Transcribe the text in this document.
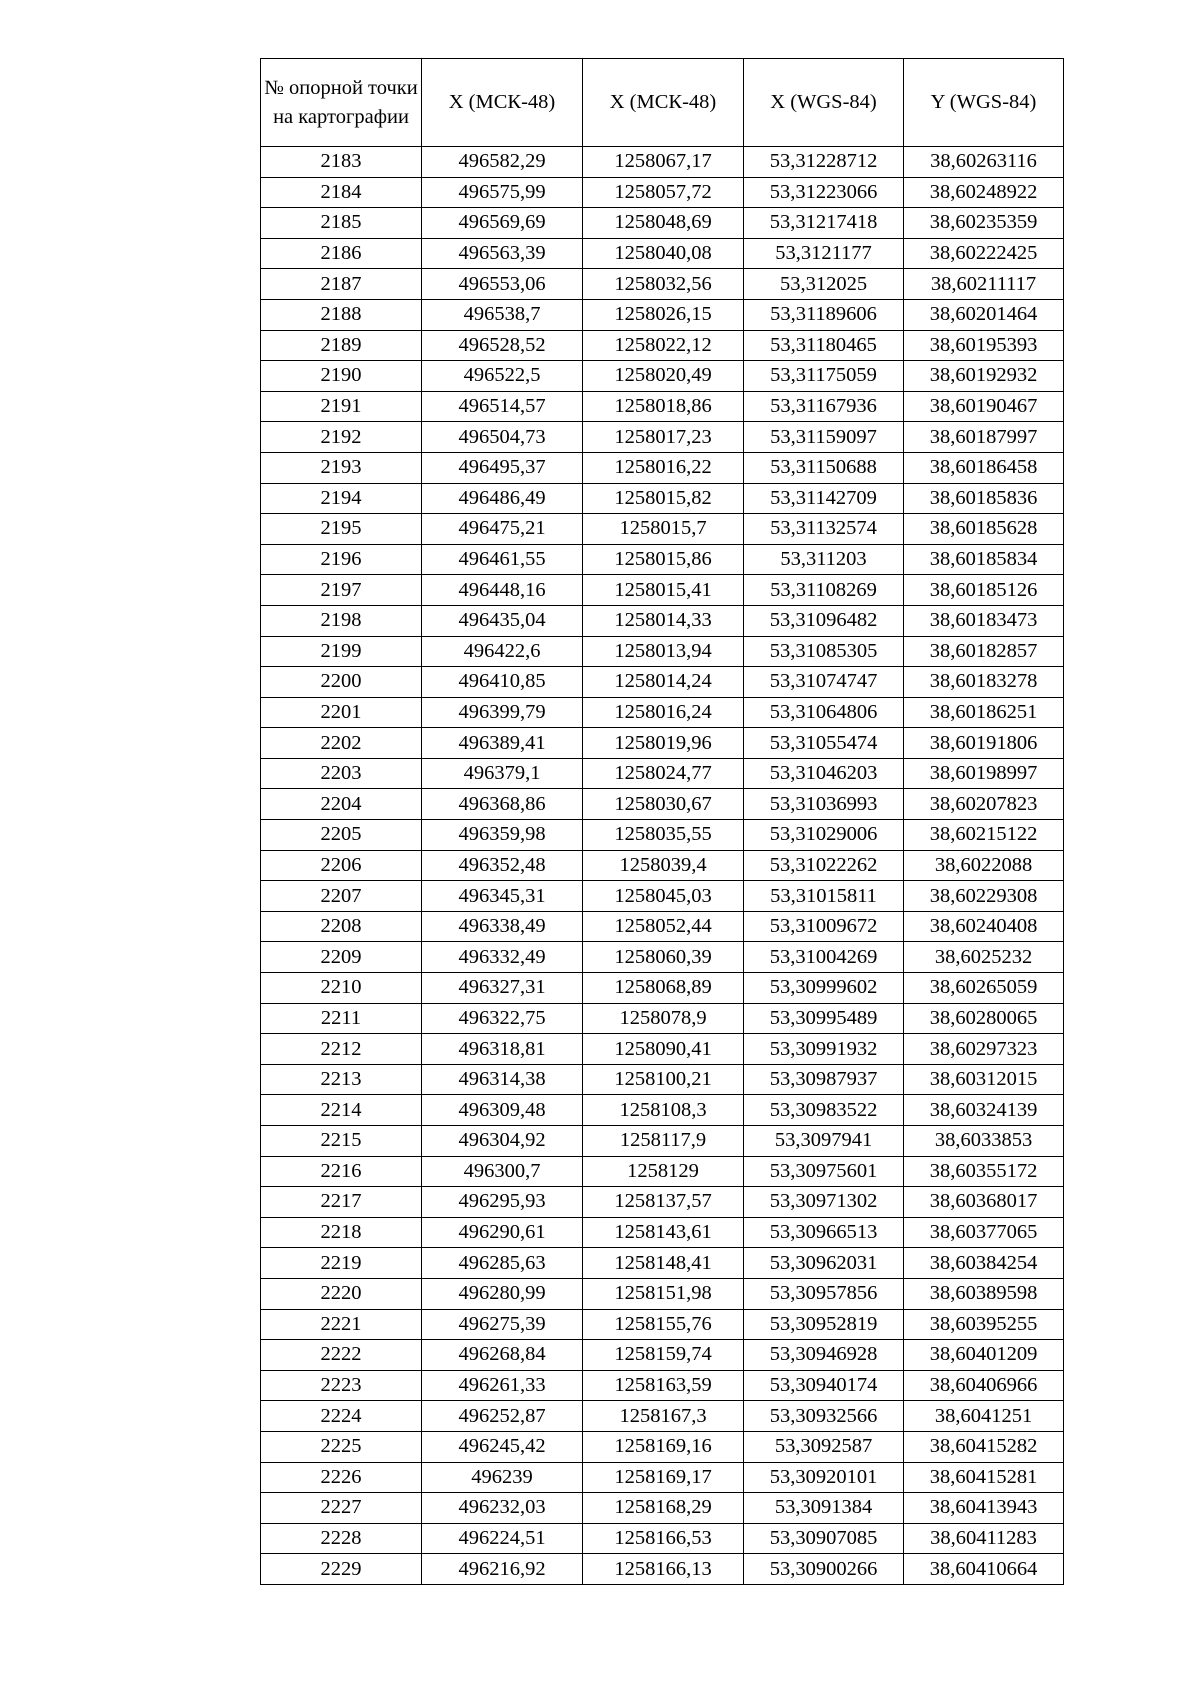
№ опорной точки на картографии	X (МСК-48)	X (МСК-48)	X (WGS-84)	Y (WGS-84)
2183	496582,29	1258067,17	53,31228712	38,60263116
2184	496575,99	1258057,72	53,31223066	38,60248922
2185	496569,69	1258048,69	53,31217418	38,60235359
2186	496563,39	1258040,08	53,3121177	38,60222425
2187	496553,06	1258032,56	53,312025	38,60211117
2188	496538,7	1258026,15	53,31189606	38,60201464
2189	496528,52	1258022,12	53,31180465	38,60195393
2190	496522,5	1258020,49	53,31175059	38,60192932
2191	496514,57	1258018,86	53,31167936	38,60190467
2192	496504,73	1258017,23	53,31159097	38,60187997
2193	496495,37	1258016,22	53,31150688	38,60186458
2194	496486,49	1258015,82	53,31142709	38,60185836
2195	496475,21	1258015,7	53,31132574	38,60185628
2196	496461,55	1258015,86	53,311203	38,60185834
2197	496448,16	1258015,41	53,31108269	38,60185126
2198	496435,04	1258014,33	53,31096482	38,60183473
2199	496422,6	1258013,94	53,31085305	38,60182857
2200	496410,85	1258014,24	53,31074747	38,60183278
2201	496399,79	1258016,24	53,31064806	38,60186251
2202	496389,41	1258019,96	53,31055474	38,60191806
2203	496379,1	1258024,77	53,31046203	38,60198997
2204	496368,86	1258030,67	53,31036993	38,60207823
2205	496359,98	1258035,55	53,31029006	38,60215122
2206	496352,48	1258039,4	53,31022262	38,6022088
2207	496345,31	1258045,03	53,31015811	38,60229308
2208	496338,49	1258052,44	53,31009672	38,60240408
2209	496332,49	1258060,39	53,31004269	38,6025232
2210	496327,31	1258068,89	53,30999602	38,60265059
2211	496322,75	1258078,9	53,30995489	38,60280065
2212	496318,81	1258090,41	53,30991932	38,60297323
2213	496314,38	1258100,21	53,30987937	38,60312015
2214	496309,48	1258108,3	53,30983522	38,60324139
2215	496304,92	1258117,9	53,3097941	38,6033853
2216	496300,7	1258129	53,30975601	38,60355172
2217	496295,93	1258137,57	53,30971302	38,60368017
2218	496290,61	1258143,61	53,30966513	38,60377065
2219	496285,63	1258148,41	53,30962031	38,60384254
2220	496280,99	1258151,98	53,30957856	38,60389598
2221	496275,39	1258155,76	53,30952819	38,60395255
2222	496268,84	1258159,74	53,30946928	38,60401209
2223	496261,33	1258163,59	53,30940174	38,60406966
2224	496252,87	1258167,3	53,30932566	38,6041251
2225	496245,42	1258169,16	53,3092587	38,60415282
2226	496239	1258169,17	53,30920101	38,60415281
2227	496232,03	1258168,29	53,3091384	38,60413943
2228	496224,51	1258166,53	53,30907085	38,60411283
2229	496216,92	1258166,13	53,30900266	38,60410664
